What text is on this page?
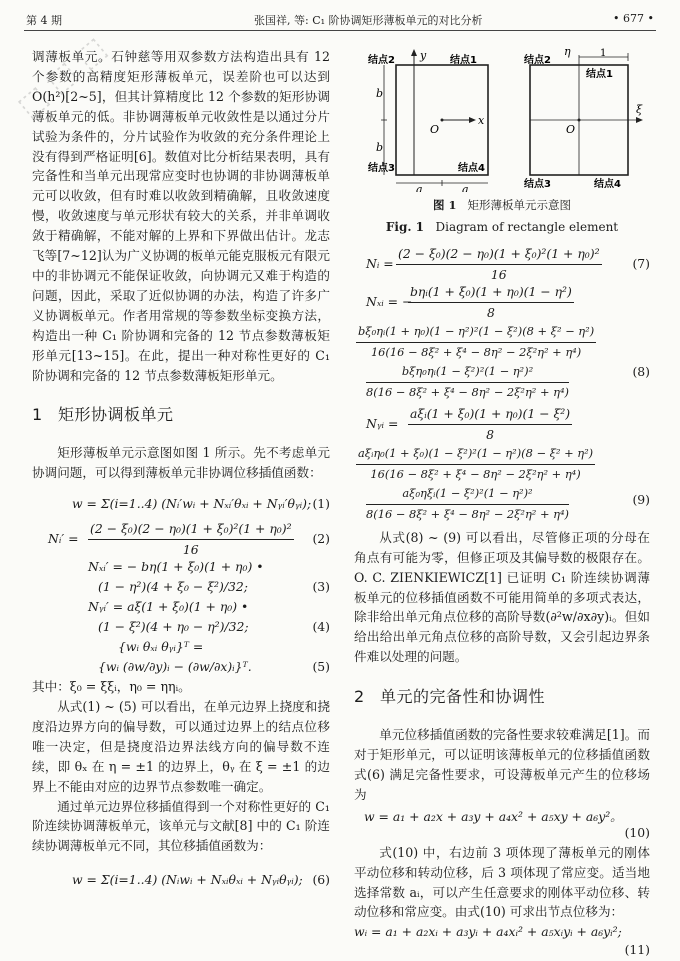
⬚ ⬚ ⬚
第 4 期	张国祥, 等: C₁ 阶协调矩形薄板单元的对比分析	• 677 •

调薄板单元。石钟慈等用双参数方法构造出具有 12 个参数的高精度矩形薄板单元，误差阶也可以达到 O(h²)[2~5]，但其计算精度比 12 个参数的矩形协调薄板单元的低。非协调薄板单元收敛性是以通过分片试验为条件的，分片试验作为收敛的充分条件理论上没有得到严格证明[6]。数值对比分析结果表明，具有完备性和当单元出现常应变时也协调的非协调薄板单元可以收敛，但有时难以收敛到精确解，且收敛速度慢，收敛速度与单元形状有较大的关系，并非单调收敛于精确解，不能对解的上界和下界做出估计。龙志飞等[7~12]认为广义协调的板单元能克服板元有限元中的非协调元不能保证收敛，向协调元又难于构造的问题，因此，采取了近似协调的办法，构造了许多广义协调板单元。作者用常规的等参数坐标变换方法，构造出一种 C₁ 阶协调和完备的 12 节点参数薄板矩形单元[13~15]。在此，提出一种对称性更好的 C₁ 阶协调和完备的 12 节点参数薄板矩形单元。

1 矩形协调板单元

矩形薄板单元示意图如图 1 所示。先不考虑单元协调问题，可以得到薄板单元非协调位移插值函数：

w = Σ(i=1..4) (Nᵢ′wᵢ + Nₓᵢ′θₓᵢ + Nᵧᵢ′θᵧᵢ); (1)
Nᵢ′ = $\frac{\text{(2 − ξ₀)(2 − η₀)(1 + ξ₀)²(1 + η₀)²}}{16} (2)$
Nₓᵢ′ = − bη(1 + ξ₀)(1 + η₀) •
(1 − η²)(4 + ξ₀ − ξ²)/32;	(3)
Nᵧᵢ′ = aξ(1 + ξ₀)(1 + η₀) •
(1 − ξ²)(4 + η₀ − η²)/32;	(4)
{wᵢ θₓᵢ θᵧᵢ}ᵀ =
{wᵢ (∂w/∂y)ᵢ − (∂w/∂x)ᵢ}ᵀ.	(5)

其中：ξ₀ = ξξᵢ，η₀ = ηηᵢ。

从式(1) ~ (5) 可以看出，在单元边界上挠度和挠度沿边界方向的偏导数，可以通过边界上的结点位移唯一决定，但是挠度沿边界法线方向的偏导数不连续，即 θₓ 在 η = ±1 的边界上，θᵧ 在 ξ = ±1 的边界上不能由对应的边界节点参数唯一确定。

通过单元边界位移插值得到一个对称性更好的 C₁ 阶连续协调薄板单元，该单元与文献[8] 中的 C₁ 阶连续协调薄板单元不同，其位移插值函数为：

w = Σ(i=1..4) (Nᵢwᵢ + Nₓᵢθₓᵢ + Nᵧᵢθᵧᵢ); (6)
结点2	结点1
结点3	结点4
y
x
O
b
b
a	a
η	1
ξ
O
结点2
结点1
结点3	结点4
图 1 矩形薄板单元示意图
Fig. 1 Diagram of rectangle element
Nᵢ = $\frac{\text{(2 − ξ₀)(2 − η₀)(1 + ξ₀)²(1 + η₀)²}}{16} (7)$
Nₓᵢ = −
bηᵢ(1 + ξ₀)(1 + η₀)(1 − η²)
8
$\frac{\text{bξ₀ηᵢ(1 + η₀)(1 − η²)²(1 − ξ²)(8 + ξ² − η²)}}{\text{16(16 − 8ξ² + ξ⁴ − 8η² − 2ξ²η² + η⁴)}}$
bξη₀ηᵢ(1 − ξ²)²(1 − η²)²
8(16 − 8ξ² + ξ⁴ − 8η² − 2ξ²η² + η⁴)
(8)
Nᵧᵢ =
aξᵢ(1 + ξ₀)(1 + η₀)(1 − ξ²)
8
aξᵢη₀(1 + ξ₀)(1 − ξ²)²(1 − η²)(8 − ξ² + η²)
16(16 − 8ξ² + ξ⁴ − 8η² − 2ξ²η² + η⁴)
aξ₀ηξᵢ(1 − ξ²)²(1 − η²)²
8(16 − 8ξ² + ξ⁴ − 8η² − 2ξ²η² + η⁴)
(9)

从式(8) ~ (9) 可以看出，尽管修正项的分母在角点有可能为零，但修正项及其偏导数的极限存在。O. C. ZIENKIEWICZ[1] 已证明 C₁ 阶连续协调薄板单元的位移插值函数不可能用简单的多项式表达，除非给出单元角点位移的高阶导数(∂²w/∂x∂y)ᵢ。但如给出给出单元角点位移的高阶导数，又会引起边界条件难以处理的问题。

2 单元的完备性和协调性

单元位移插值函数的完备性要求较难满足[1]。而对于矩形单元，可以证明该薄板单元的位移插值函数式(6) 满足完备性要求，可设薄板单元产生的位移场为

w = a₁ + a₂x + a₃y + a₄x² + a₅xy + a₆y²。
(10)

式(10) 中，右边前 3 项体现了薄板单元的刚体平动位移和转动位移，后 3 项体现了常应变。适当地选择常数 aᵢ，可以产生任意要求的刚体平动位移、转动位移和常应变。由式(10) 可求出节点位移为：

wᵢ = a₁ + a₂xᵢ + a₃yᵢ + a₄xᵢ² + a₅xᵢyᵢ + a₆yᵢ²;
(11)
